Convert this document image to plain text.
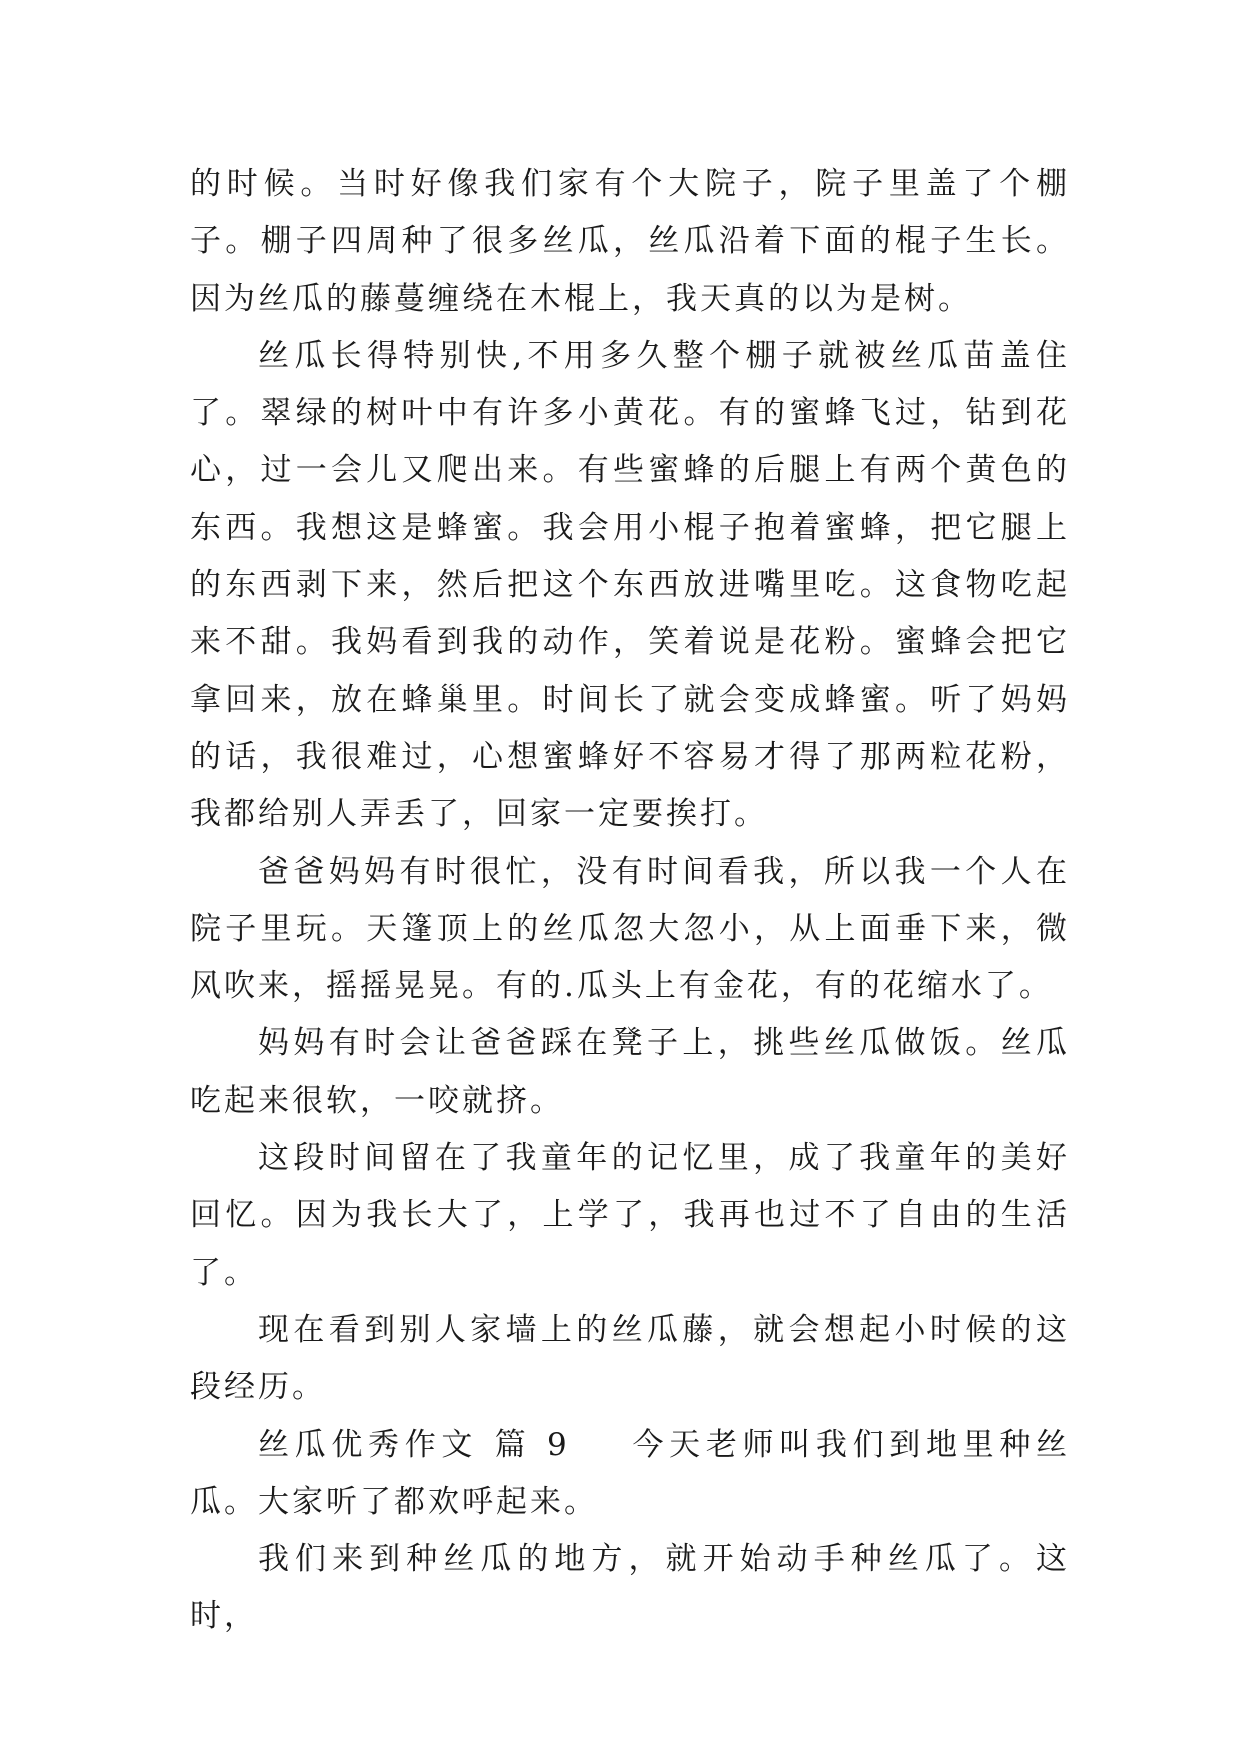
的时候。当时好像我们家有个大院子，院子里盖了个棚子。棚子四周种了很多丝瓜，丝瓜沿着下面的棍子生长。因为丝瓜的藤蔓缠绕在木棍上，我天真的以为是树。

丝瓜长得特别快,不用多久整个棚子就被丝瓜苗盖住了。翠绿的树叶中有许多小黄花。有的蜜蜂飞过，钻到花心，过一会儿又爬出来。有些蜜蜂的后腿上有两个黄色的东西。我想这是蜂蜜。我会用小棍子抱着蜜蜂，把它腿上的东西剥下来，然后把这个东西放进嘴里吃。这食物吃起来不甜。我妈看到我的动作，笑着说是花粉。蜜蜂会把它拿回来，放在蜂巢里。时间长了就会变成蜂蜜。听了妈妈的话，我很难过，心想蜜蜂好不容易才得了那两粒花粉，我都给别人弄丢了，回家一定要挨打。

爸爸妈妈有时很忙，没有时间看我，所以我一个人在院子里玩。天篷顶上的丝瓜忽大忽小，从上面垂下来，微风吹来，摇摇晃晃。有的.瓜头上有金花，有的花缩水了。

妈妈有时会让爸爸踩在凳子上，挑些丝瓜做饭。丝瓜吃起来很软，一咬就挤。

这段时间留在了我童年的记忆里，成了我童年的美好回忆。因为我长大了，上学了，我再也过不了自由的生活了。

现在看到别人家墙上的丝瓜藤，就会想起小时候的这段经历。

丝瓜优秀作文 篇 9 今天老师叫我们到地里种丝瓜。大家听了都欢呼起来。

我们来到种丝瓜的地方，就开始动手种丝瓜了。这时，
